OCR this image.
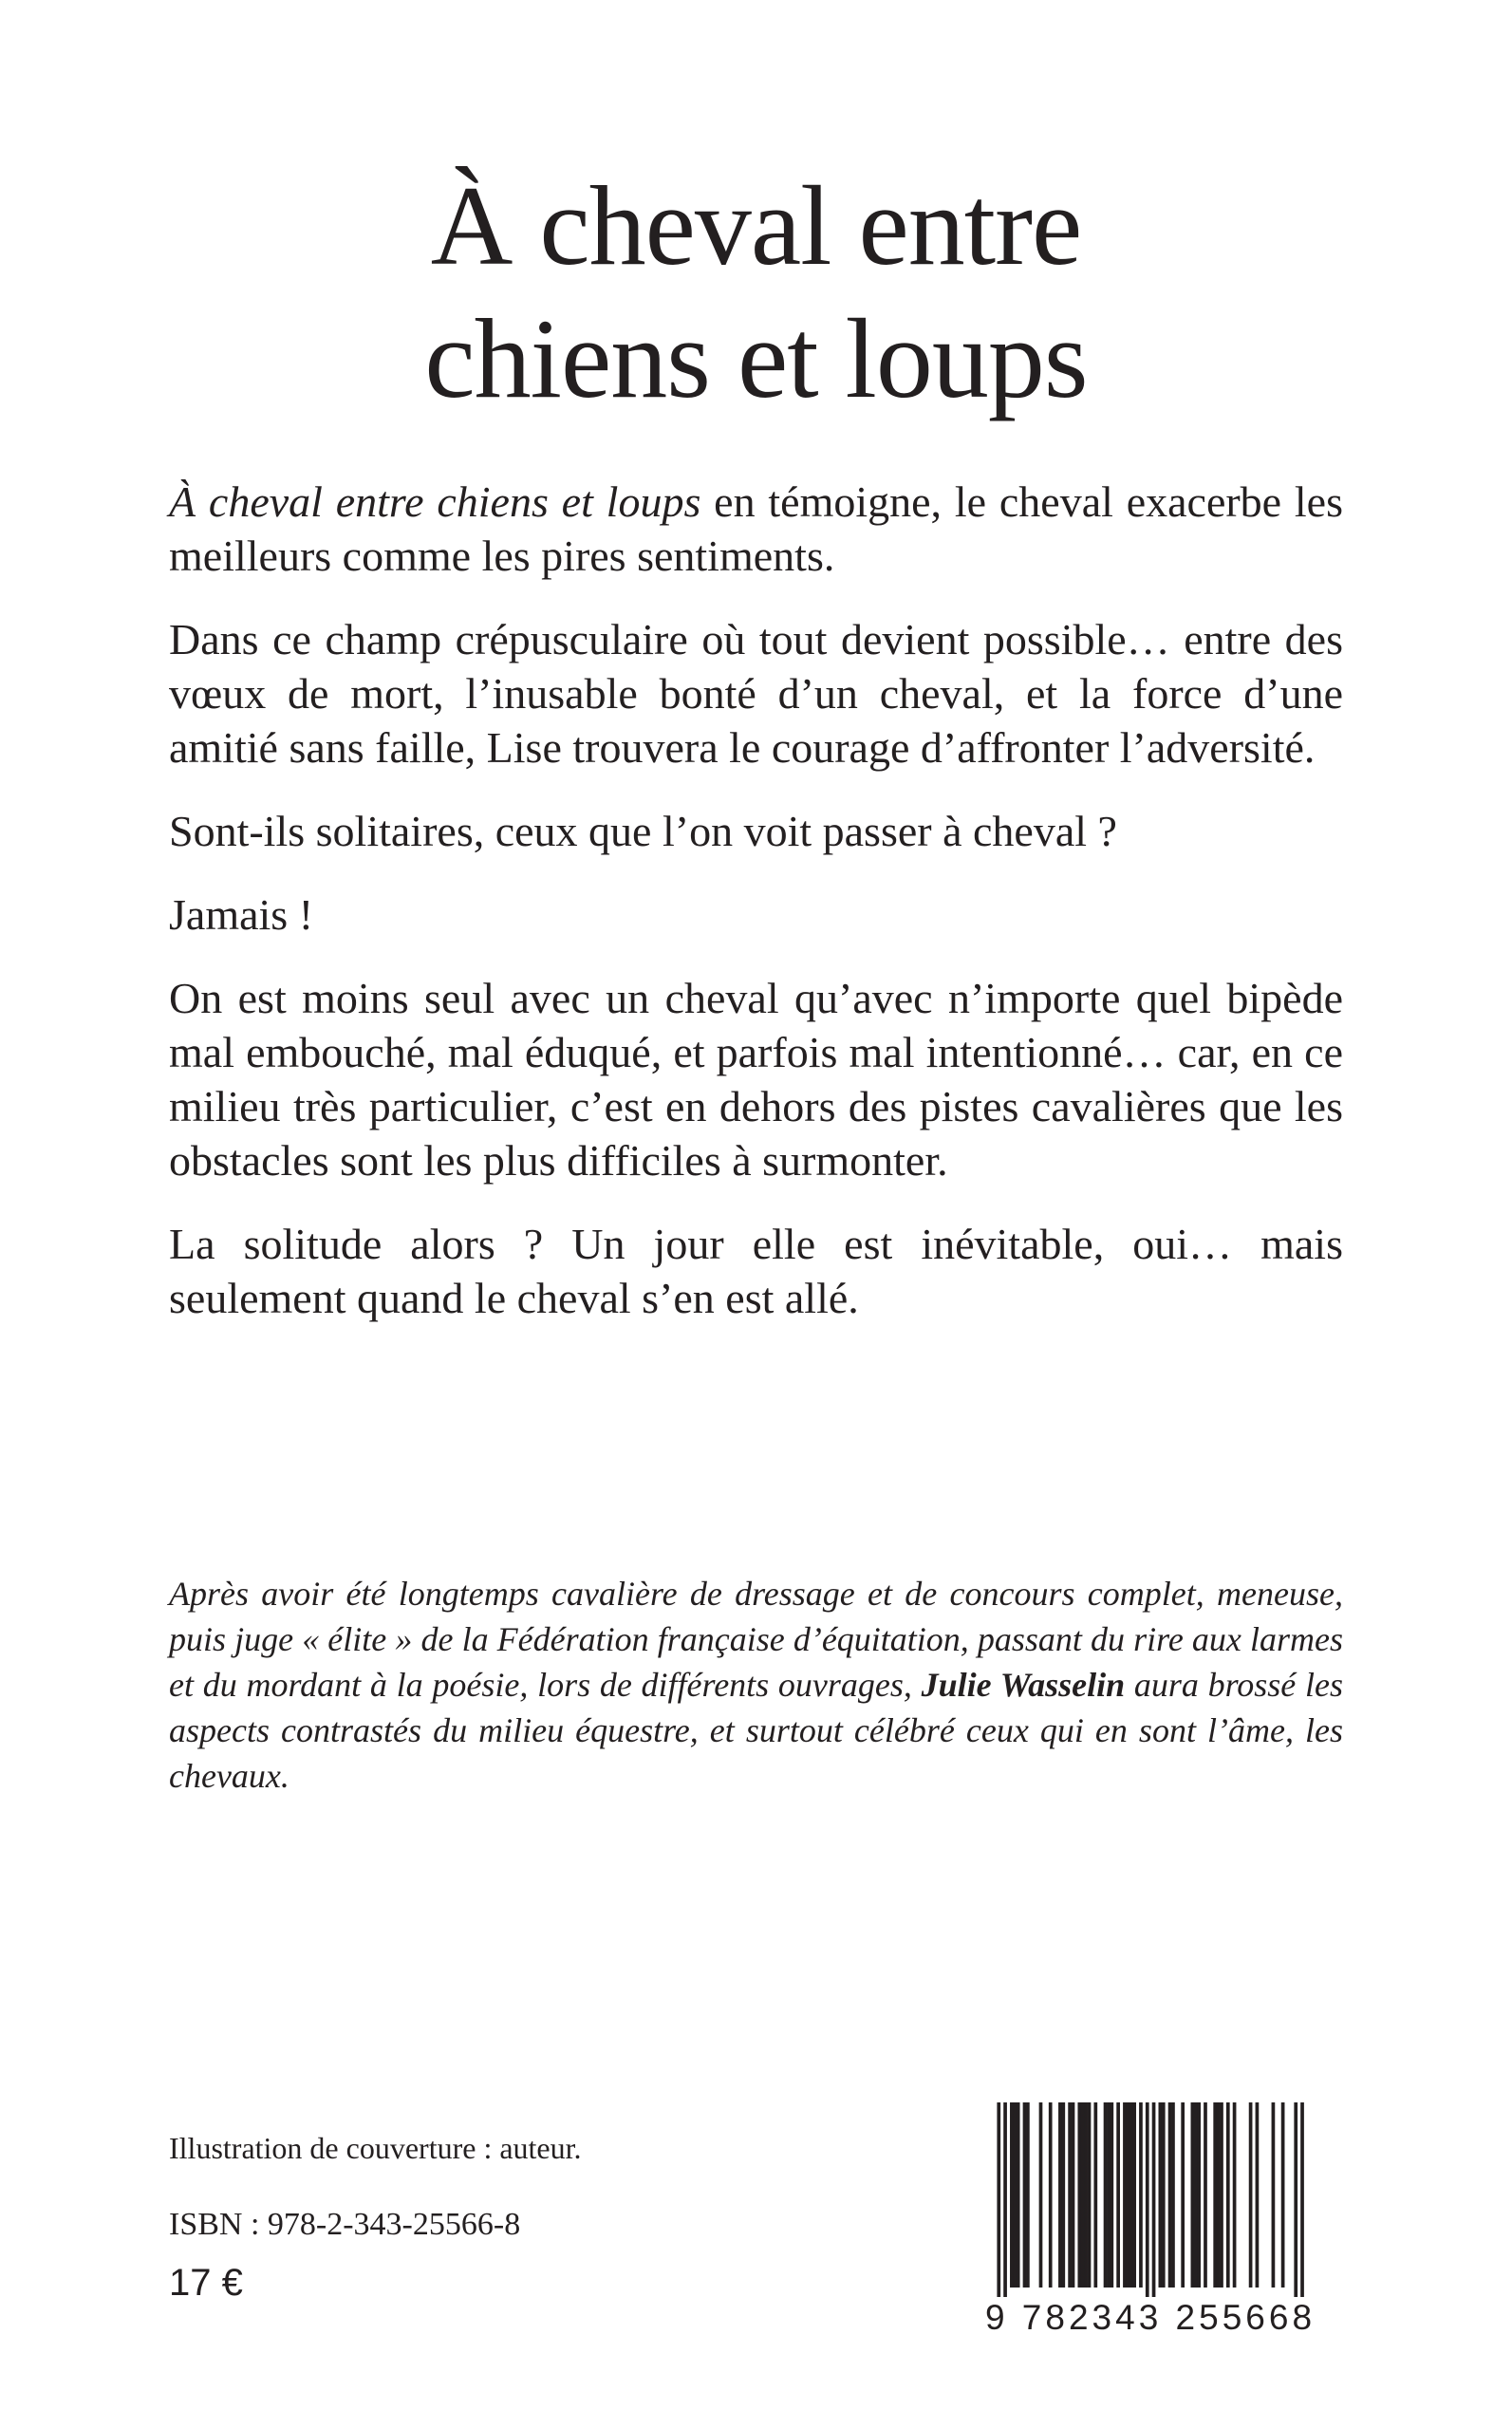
À cheval entre
chiens et loups

À cheval entre chiens et loups en témoigne, le cheval exacerbe les meilleurs comme les pires sentiments.

Dans ce champ crépusculaire où tout devient possible… entre des vœux de mort, l’inusable bonté d’un cheval, et la force d’une amitié sans faille, Lise trouvera le courage d’affronter l’adversité.

Sont-ils solitaires, ceux que l’on voit passer à cheval ?

Jamais !

On est moins seul avec un cheval qu’avec n’importe quel bipède mal embouché, mal éduqué, et parfois mal intentionné… car, en ce milieu très particulier, c’est en dehors des pistes cavalières que les obstacles sont les plus difficiles à surmonter.

La solitude alors ? Un jour elle est inévitable, oui… mais seulement quand le cheval s’en est allé.

Après avoir été longtemps cavalière de dressage et de concours complet, meneuse, puis juge « élite » de la Fédération française d’équitation, passant du rire aux larmes et du mordant à la poésie, lors de différents ouvrages, Julie Wasselin aura brossé les aspects contrastés du milieu équestre, et surtout célébré ceux qui en sont l’âme, les chevaux.

Illustration de couverture : auteur.
ISBN : 978-2-343-25566-8
17 €
9 782343 255668
